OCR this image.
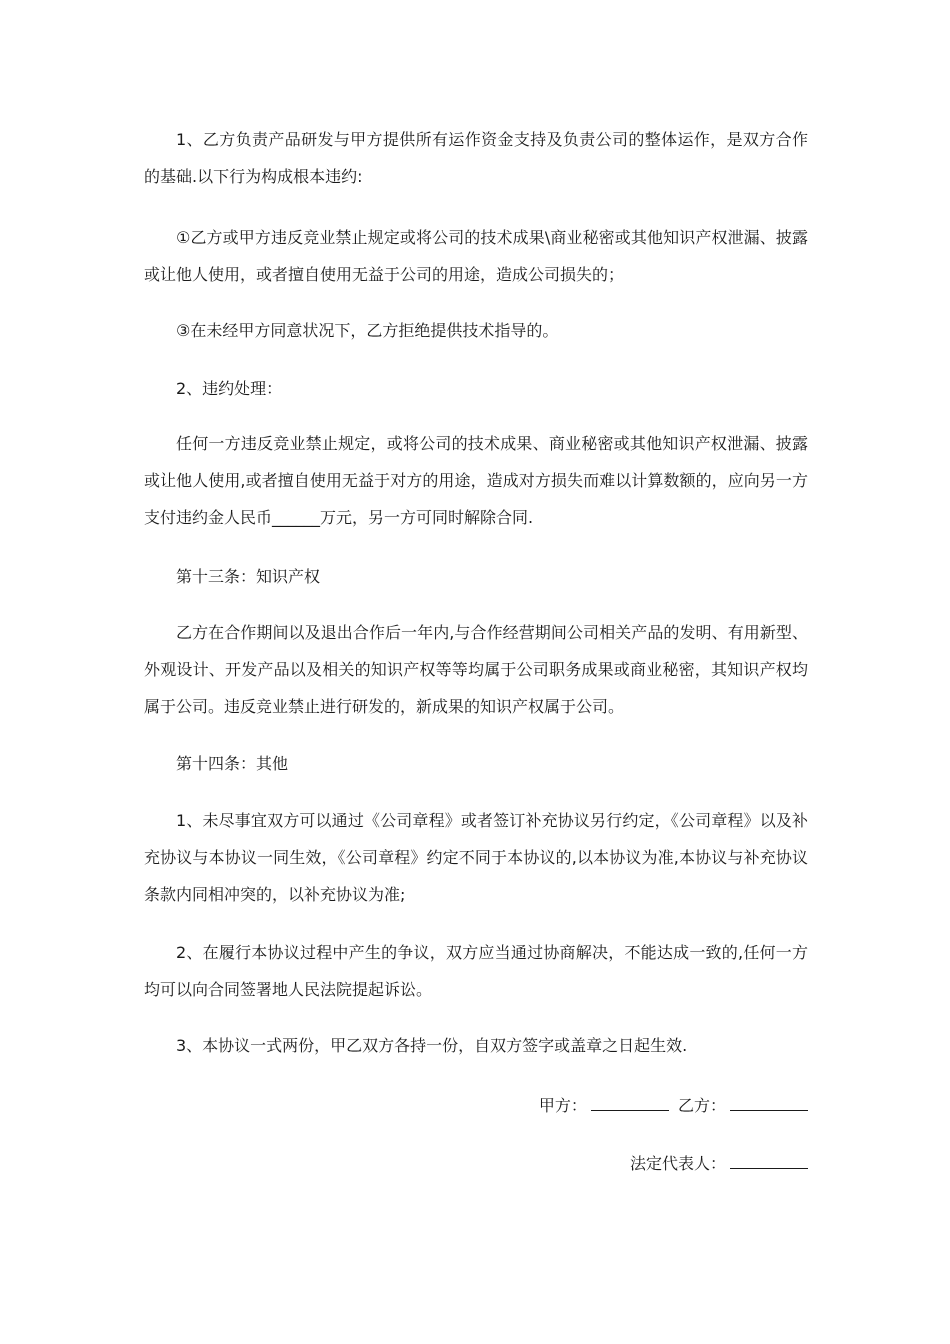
1、乙方负责产品研发与甲方提供所有运作资金支持及负责公司的整体运作，是双方合作的基础.以下行为构成根本违约:

①乙方或甲方违反竞业禁止规定或将公司的技术成果\商业秘密或其他知识产权泄漏、披露或让他人使用，或者擅自使用无益于公司的用途，造成公司损失的；

③在未经甲方同意状况下，乙方拒绝提供技术指导的。

2、违约处理：

任何一方违反竞业禁止规定，或将公司的技术成果、商业秘密或其他知识产权泄漏、披露或让他人使用,或者擅自使用无益于对方的用途，造成对方损失而难以计算数额的，应向另一方支付违约金人民币______万元，另一方可同时解除合同.

第十三条：知识产权

乙方在合作期间以及退出合作后一年内,与合作经营期间公司相关产品的发明、有用新型、外观设计、开发产品以及相关的知识产权等等均属于公司职务成果或商业秘密，其知识产权均属于公司。违反竞业禁止进行研发的，新成果的知识产权属于公司。

第十四条：其他

1、未尽事宜双方可以通过《公司章程》或者签订补充协议另行约定，《公司章程》以及补充协议与本协议一同生效，《公司章程》约定不同于本协议的,以本协议为准,本协议与补充协议条款内同相冲突的，以补充协议为准;

2、在履行本协议过程中产生的争议，双方应当通过协商解决，不能达成一致的,任何一方均可以向合同签署地人民法院提起诉讼。

3、本协议一式两份，甲乙双方各持一份，自双方签字或盖章之日起生效.

甲方：	乙方：
法定代表人：
